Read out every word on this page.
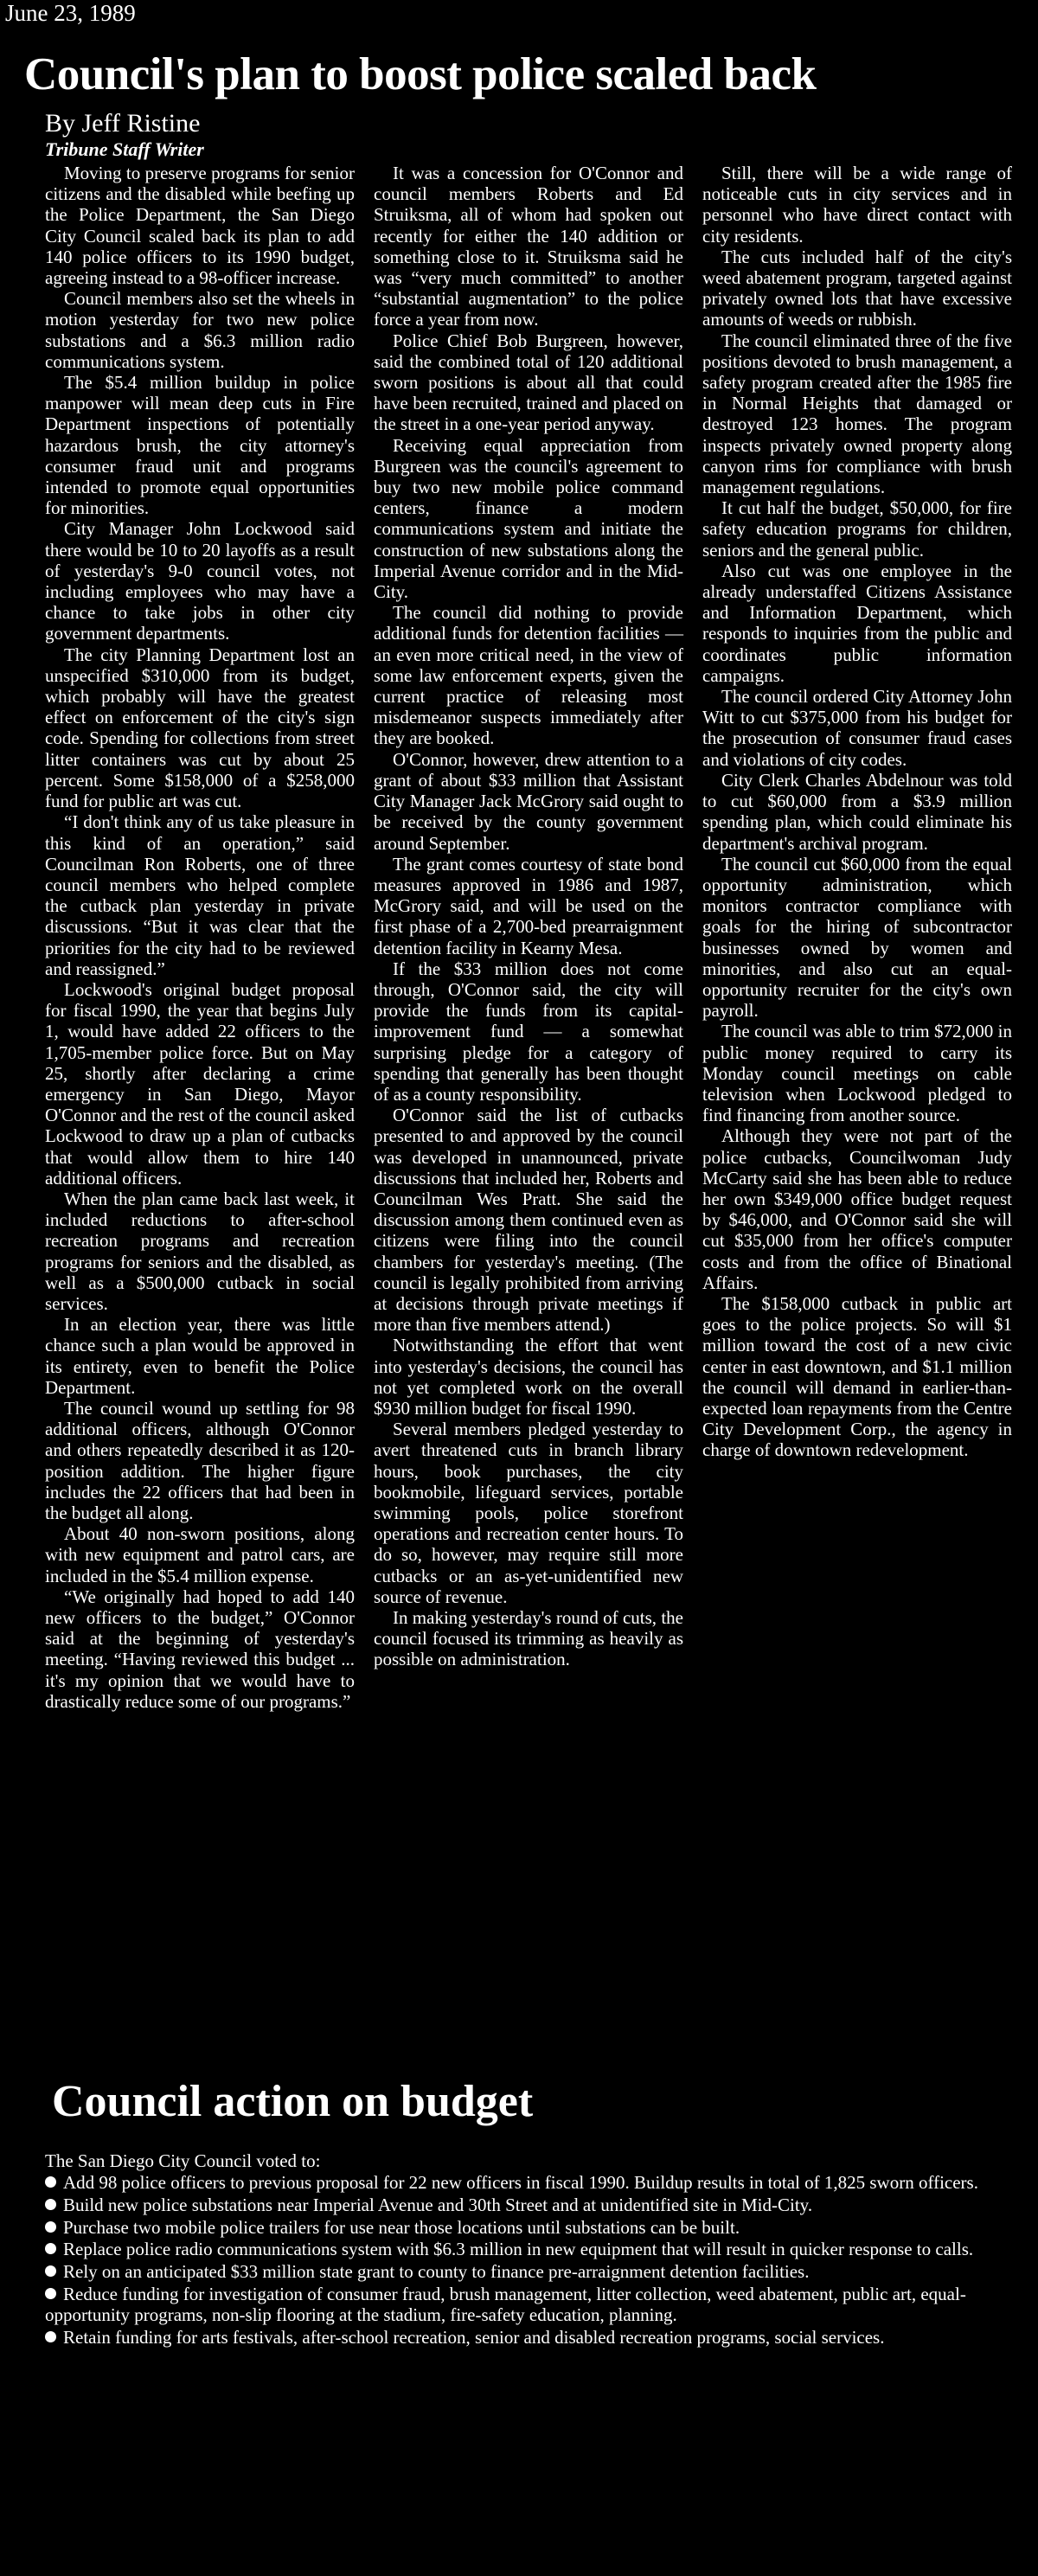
June 23, 1989
Council's plan to boost police scaled back
By Jeff Ristine
Tribune Staff Writer

Moving to preserve programs for senior citizens and the disabled while beefing up the Police Department, the San Diego City Council scaled back its plan to add 140 police officers to its 1990 budget, agreeing instead to a 98-officer increase.

Council members also set the wheels in motion yesterday for two new police substations and a $6.3 million radio communications system.

The $5.4 million buildup in police manpower will mean deep cuts in Fire Department inspections of potentially hazardous brush, the city attorney's consumer fraud unit and programs intended to promote equal opportunities for minorities.

City Manager John Lockwood said there would be 10 to 20 layoffs as a result of yesterday's 9-0 council votes, not including employees who may have a chance to take jobs in other city government departments.

The city Planning Department lost an unspecified $310,000 from its budget, which probably will have the greatest effect on enforcement of the city's sign code. Spending for collections from street litter containers was cut by about 25 percent. Some $158,000 of a $258,000 fund for public art was cut.

“I don't think any of us take pleasure in this kind of an operation,” said Councilman Ron Roberts, one of three council members who helped complete the cutback plan yesterday in private discussions. “But it was clear that the priorities for the city had to be reviewed and reassigned.”

Lockwood's original budget proposal for fiscal 1990, the year that begins July 1, would have added 22 officers to the 1,705-member police force. But on May 25, shortly after declaring a crime emergency in San Diego, Mayor O'Connor and the rest of the council asked Lockwood to draw up a plan of cutbacks that would allow them to hire 140 additional officers.

When the plan came back last week, it included reductions to after-school recreation programs and recreation programs for seniors and the disabled, as well as a $500,000 cutback in social services.

In an election year, there was little chance such a plan would be approved in its entirety, even to benefit the Police Department.

The council wound up settling for 98 additional officers, although O'Connor and others repeatedly described it as 120-position addition. The higher figure includes the 22 officers that had been in the budget all along.

About 40 non-sworn positions, along with new equipment and patrol cars, are included in the $5.4 million expense.

“We originally had hoped to add 140 new officers to the budget,” O'Connor said at the beginning of yesterday's meeting. “Having reviewed this budget ... it's my opinion that we would have to drastically reduce some of our programs.”

It was a concession for O'Connor and council members Roberts and Ed Struiksma, all of whom had spoken out recently for either the 140 addition or something close to it. Struiksma said he was “very much committed” to another “substantial augmentation” to the police force a year from now.

Police Chief Bob Burgreen, however, said the combined total of 120 additional sworn positions is about all that could have been recruited, trained and placed on the street in a one-year period anyway.

Receiving equal appreciation from Burgreen was the council's agreement to buy two new mobile police command centers, finance a modern communications system and initiate the construction of new substations along the Imperial Avenue corridor and in the Mid-City.

The council did nothing to provide additional funds for detention facilities — an even more critical need, in the view of some law enforcement experts, given the current practice of releasing most misdemeanor suspects immediately after they are booked.

O'Connor, however, drew attention to a grant of about $33 million that Assistant City Manager Jack McGrory said ought to be received by the county government around September.

The grant comes courtesy of state bond measures approved in 1986 and 1987, McGrory said, and will be used on the first phase of a 2,700-bed prearraignment detention facility in Kearny Mesa.

If the $33 million does not come through, O'Connor said, the city will provide the funds from its capital-improvement fund — a somewhat surprising pledge for a category of spending that generally has been thought of as a county responsibility.

O'Connor said the list of cutbacks presented to and approved by the council was developed in unannounced, private discussions that included her, Roberts and Councilman Wes Pratt. She said the discussion among them continued even as citizens were filing into the council chambers for yesterday's meeting. (The council is legally prohibited from arriving at decisions through private meetings if more than five members attend.)

Notwithstanding the effort that went into yesterday's decisions, the council has not yet completed work on the overall $930 million budget for fiscal 1990.

Several members pledged yesterday to avert threatened cuts in branch library hours, book purchases, the city bookmobile, lifeguard services, portable swimming pools, police storefront operations and recreation center hours. To do so, however, may require still more cutbacks or an as-yet-unidentified new source of revenue.

In making yesterday's round of cuts, the council focused its trimming as heavily as possible on administration.

Still, there will be a wide range of noticeable cuts in city services and in personnel who have direct contact with city residents.

The cuts included half of the city's weed abatement program, targeted against privately owned lots that have excessive amounts of weeds or rubbish.

The council eliminated three of the five positions devoted to brush management, a safety program created after the 1985 fire in Normal Heights that damaged or destroyed 123 homes. The program inspects privately owned property along canyon rims for compliance with brush management regulations.

It cut half the budget, $50,000, for fire safety education programs for children, seniors and the general public.

Also cut was one employee in the already understaffed Citizens Assistance and Information Department, which responds to inquiries from the public and coordinates public information campaigns.

The council ordered City Attorney John Witt to cut $375,000 from his budget for the prosecution of consumer fraud cases and violations of city codes.

City Clerk Charles Abdelnour was told to cut $60,000 from a $3.9 million spending plan, which could eliminate his department's archival program.

The council cut $60,000 from the equal opportunity administration, which monitors contractor compliance with goals for the hiring of subcontractor businesses owned by women and minorities, and also cut an equal-opportunity recruiter for the city's own payroll.

The council was able to trim $72,000 in public money required to carry its Monday council meetings on cable television when Lockwood pledged to find financing from another source.

Although they were not part of the police cutbacks, Councilwoman Judy McCarty said she has been able to reduce her own $349,000 office budget request by $46,000, and O'Connor said she will cut $35,000 from her office's computer costs and from the office of Binational Affairs.

The $158,000 cutback in public art goes to the police projects. So will $1 million toward the cost of a new civic center in east downtown, and $1.1 million the council will demand in earlier-than-expected loan repayments from the Centre City Development Corp., the agency in charge of downtown redevelopment.

Council action on budget
The San Diego City Council voted to:
Add 98 police officers to previous proposal for 22 new officers in fiscal 1990. Buildup results in total of 1,825 sworn officers.
Build new police substations near Imperial Avenue and 30th Street and at unidentified site in Mid-City.
Purchase two mobile police trailers for use near those locations until substations can be built.
Replace police radio communications system with $6.3 million in new equipment that will result in quicker response to calls.
Rely on an anticipated $33 million state grant to county to finance pre-arraignment detention facilities.
Reduce funding for investigation of consumer fraud, brush management, litter collection, weed abatement, public art, equal-opportunity programs, non-slip flooring at the stadium, fire-safety education, planning.
Retain funding for arts festivals, after-school recreation, senior and disabled recreation programs, social services.
